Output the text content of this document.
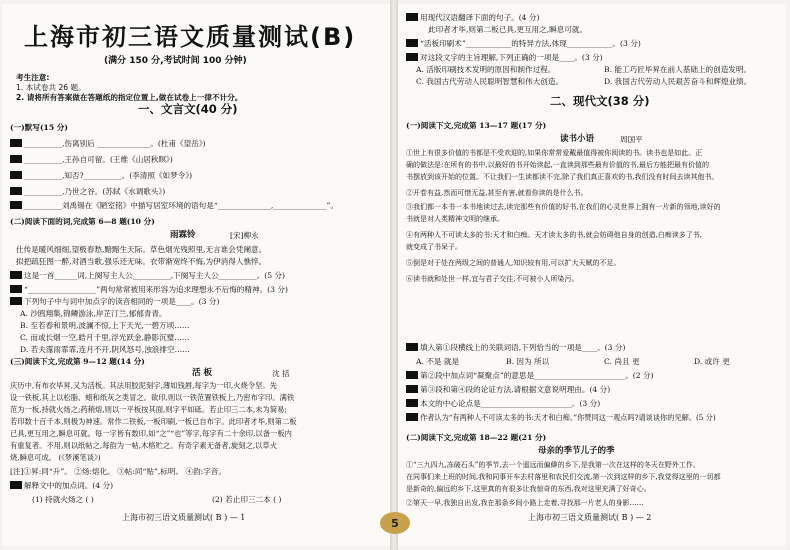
上海市初三语文质量测试(B)
(满分 150 分,考试时间 100 分钟)
考生注意:
1. 本试卷共 26 题。
2. 请将所有答案做在答题纸的指定位置上,做在试卷上一律不计分。
一、文言文(40 分)
(一)默写(15 分)
__________,伤离别后 ______________。(杜甫《望岳》)
__________,王孙自可留。(王维《山居秋暝》)
__________,知否?__________。(李清照《如梦令》)
__________,乃世之谷。(苏轼《水调歌头》)
__________刘禹锡在《陋室铭》中描写居室环境的语句是“______________,______________”。
(二)阅读下面的词,完成第 6—8 题(10 分)
雨霖铃	[宋]柳永
仕传是暖风细细,望极春愁,黯黯生天际。草色烟光残照里,无言谁会凭阑意。
拟把疏狂图一醉,对酒当歌,强乐还无味。衣带渐宽终不悔,为伊消得人憔悴。
这是一首______词,上阕写主人公__________,下阕写主人公__________。(5 分)
“__________________”两句常常被用来形容为追求理想永不后悔的精神。(3 分)
下列句子中与词中加点字的读音相同的一项是____。(3 分)
A. 沙鸥翔集,锦鳞游泳,岸芷汀兰,郁郁青青。
B. 至若春和景明,波澜不惊,上下天光,一碧万顷……
C. 而或长烟一空,皓月千里,浮光跃金,静影沉璧……
D. 若夫霪雨霏霏,连月不开,阴风怒号,浊浪排空……
(三)阅读下文,完成第 9—12 题(14 分)
活 板	沈 括
庆历中,有布衣毕昇,又为活板。其法用胶泥刻字,薄如钱唇,每字为一印,火烧令坚。先
设一铁板,其上以松脂、蜡和纸灰之类冒之。欲印,则以一铁范置铁板上,乃密布字印。满铁
范为一板,持就火炀之;药稍熔,则以一平板按其面,则字平如砥。若止印三二本,未为简易;
若印数十百千本,则极为神速。常作二铁板,一板印刷,一板已自布字。此印者才毕,则第二板
已具,更互用之,瞬息可就。每一字皆有数印,如“之”“也”等字,每字有二十余印,以备一板内
有重复者。不用,则以纸帖之,每韵为一帖,木格贮之。有奇字素无备者,旋刻之,以草火
烧,瞬息可成。 (《梦溪笔谈》)
[注]①昇:同“升”。 ②炀:熔化。 ③帖:同“贴”,标明。 ④韵:字音。
解释文中的加点词。(4 分)
(1) 持就火炀之 ( )	(2) 若止印三二本 ( )
上海市初三语文质量测试( B ) — 1
用现代汉语翻译下面的句子。(4 分)
此印者才毕,则第二板已具,更互用之,瞬息可就。
“活板印刷术”____________的特异方法,体现____________。(3 分)
对这段文字的主旨理解,下列正确的一项是____。(3 分)
A. 活版印刷技术发明的原因和制作过程。	B. 能工巧匠毕昇在前人基础上的创造发明。
C. 我国古代劳动人民聪明智慧和伟大创造。	D. 我国古代劳动人民艰苦奋斗和辉煌业绩。
二、现代文(38 分)
(一)阅读下文,完成第 13—17 题(17 分)
读书小语	周国平
①世上有很多价值的书都是不受欢迎的,如果你常常爱戴最值得被你阅读的书。读书也是如此。正
确的做法是:在所有的书中,以最好的书开始读起,一直读到那些最有价值的书,最后方能把最有价值的
书摆放到该开始的位置。不让我们一生读都读不完,除了我们真正喜欢的书,我们没有时间去读其他书。
②开卷有益,然而可惜无益,甚至有害,就看你读的是什么书。
③我们都一本书一本书地读过去,读完那些有价值的好书,在我们的心灵世界上拥有一片新的领地,读好的
书就是对人类精神文明的继承。
④有两种人不可读太多的书:天才和白痴。天才读太多的书,就会妨碍他自身的创造,白痴读多了书,
就变成了书呆子。
⑤倒是对于处在两级之间的普通人,知识较有用,可以扩大天赋的不足。
⑥读书就和处世一样,宜与君子交往,不可被小人所染污。
填入第①段横线上的关联词语,下列恰当的一项是____。(3 分)
A. 不是 就是	B. 因为 所以	C. 尚且 更	D. 或许 更
第②段中加点词“凝聚点”的意思是________________________。(2 分)
第③段和第④段的论证方法,请根据文意说明理由。(4 分)
本文的中心论点是________________________。(3 分)
作者认为“有两种人不可读太多的书:天才和白痴。”你赞同这一观点吗?请谈谈你的见解。(5 分)
(二)阅读下文,完成第 18—22 题(21 分)
母亲的季节儿子的季
①“三九四九,冻破石头”的季节,去一个遥远而偏僻的乡下,是我第一次在这样的冬天在野外工作。
在同事们来上班的时间,我和同事开车去村落里和农民们交流,第一次到这样的乡下,我觉得这里的一切都
是新奇的,偏远的乡下,这里真的有很多让我惊奇的东西,我对这里充满了好奇心。
②第天一早,我独自出发,我在那条乡间小路上走着,寻找那一片老人的身影……
上海市初三语文质量测试( B ) — 2
5
